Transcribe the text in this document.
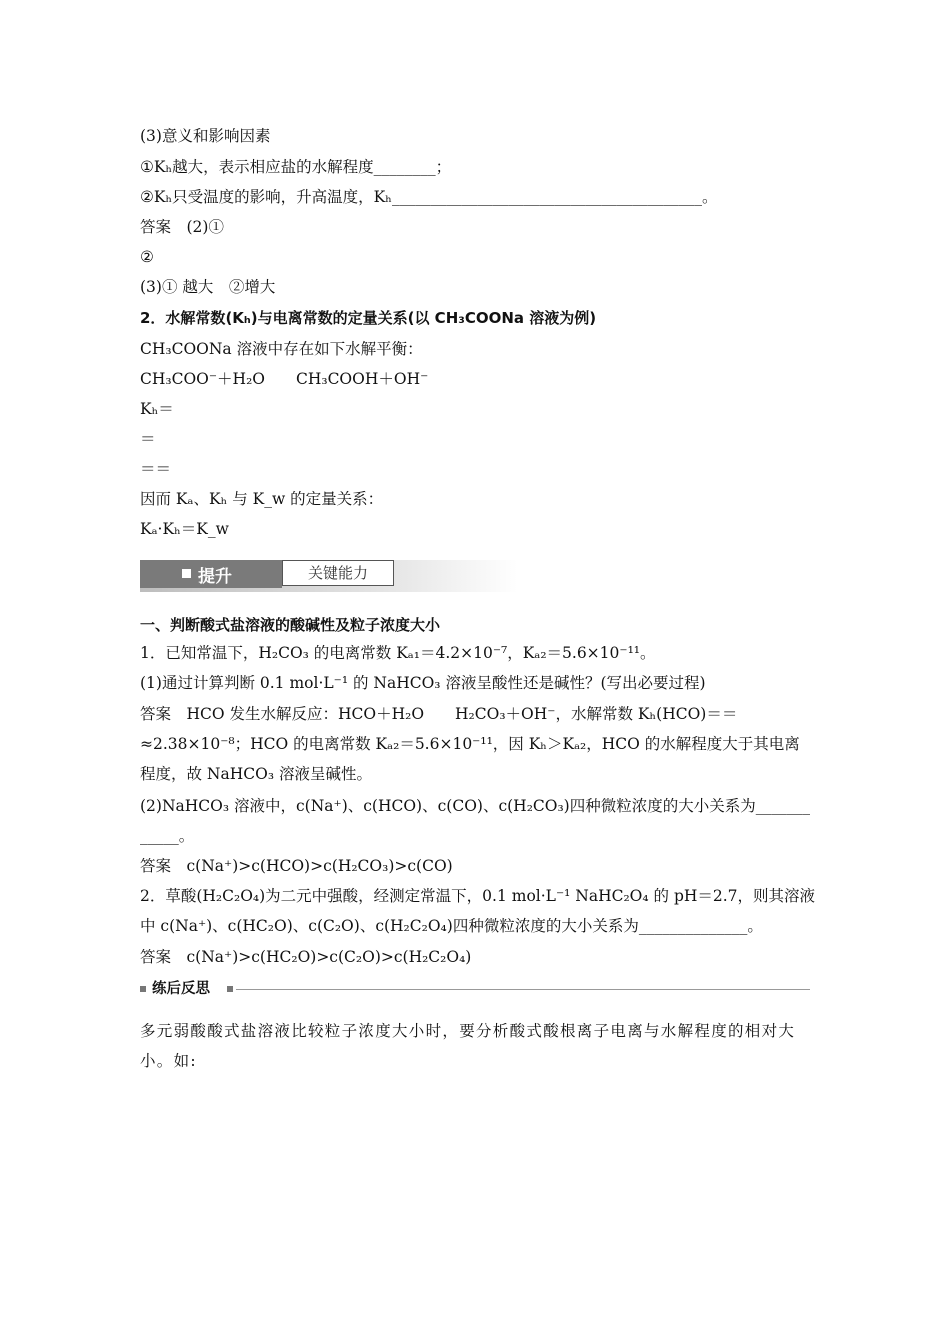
(3)意义和影响因素
①Kₕ越大，表示相应盐的水解程度________；
②Kₕ只受温度的影响，升高温度，Kₕ________________________________________。
答案　(2)①
②
(3)① 越大　②增大
2．水解常数(Kₕ)与电离常数的定量关系(以 CH₃COONa 溶液为例)
CH₃COONa 溶液中存在如下水解平衡：
CH₃COO⁻＋H₂O　　CH₃COOH＋OH⁻
Kₕ＝
＝
＝＝
因而 Kₐ、Kₕ 与 K_w 的定量关系：
Kₐ·Kₕ＝K_w
提升	关键能力
一、判断酸式盐溶液的酸碱性及粒子浓度大小
1．已知常温下，H₂CO₃ 的电离常数 Kₐ₁＝4.2×10⁻⁷，Kₐ₂＝5.6×10⁻¹¹。
(1)通过计算判断 0.1 mol·L⁻¹ 的 NaHCO₃ 溶液呈酸性还是碱性？(写出必要过程)
答案　HCO 发生水解反应：HCO＋H₂O　　H₂CO₃＋OH⁻，水解常数 Kₕ(HCO)＝＝
≈2.38×10⁻⁸；HCO 的电离常数 Kₐ₂＝5.6×10⁻¹¹，因 Kₕ＞Kₐ₂，HCO 的水解程度大于其电离
程度，故 NaHCO₃ 溶液呈碱性。
(2)NaHCO₃ 溶液中，c(Na⁺)、c(HCO)、c(CO)、c(H₂CO₃)四种微粒浓度的大小关系为_______
_____。
答案　c(Na⁺)>c(HCO)>c(H₂CO₃)>c(CO)
2．草酸(H₂C₂O₄)为二元中强酸，经测定常温下，0.1 mol·L⁻¹ NaHC₂O₄ 的 pH＝2.7，则其溶液
中 c(Na⁺)、c(HC₂O)、c(C₂O)、c(H₂C₂O₄)四种微粒浓度的大小关系为______________。
答案　c(Na⁺)>c(HC₂O)>c(C₂O)>c(H₂C₂O₄)
练后反思
多元弱酸酸式盐溶液比较粒子浓度大小时，要分析酸式酸根离子电离与水解程度的相对大小。如:
